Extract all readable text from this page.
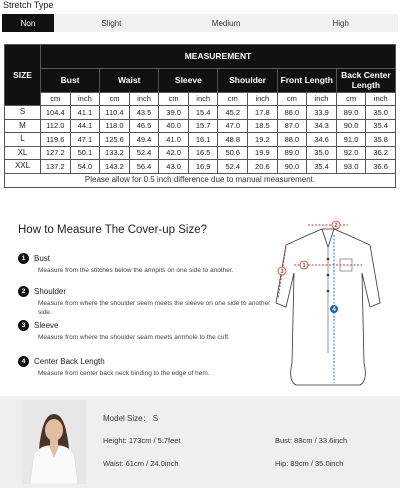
Stretch Type
Non	Slight	Medium	High
SIZE	MEASUREMENT											
	Bust		Waist		Sleeve		Shoulder		Front Length		Back Center Length	
	cm	inch	cm	inch	cm	inch	cm	inch	cm	inch	cm	inch
S	104.4	41.1	110.4	43.5	39.0	15.4	45.2	17.8	86.0	33.9	89.0	35.0
M	112.0	44.1	118.0	46.5	40.0	15.7	47.0	18.5	87.0	34.3	90.0	35.4
L	119.6	47.1	125.6	49.4	41.0	16.1	48.8	19.2	88.0	34.6	91.0	35.8
XL	127.2	50.1	133.2	52.4	42.0	16.5	50.6	19.9	89.0	35.0	92.0	36.2
XXL	137.2	54.0	143.2	56.4	43.0	16.9	52.4	20.6	90.0	35.4	93.0	36.6
Please allow for 0.5 inch difference due to manual measurement.												
How to Measure The Cover-up Size?
1	Bust
Measure from the stitches below the armpits on one side to another.
2	Shoulder
Measure from where the shoulder seem meets the sleeve on one side to another side.
3	Sleeve
Measure from where the shoulder seam meets armhole to the cuff.
4	Center Back Length
Measure from center back neck binding to the edge of hem.
2
1
3
4
Model Size： S
Height: 173cm / 5.7feet
Waist: 61cm / 24.0inch
Bust: 88cm / 33.6inch
Hip: 89cm / 35.0inch
